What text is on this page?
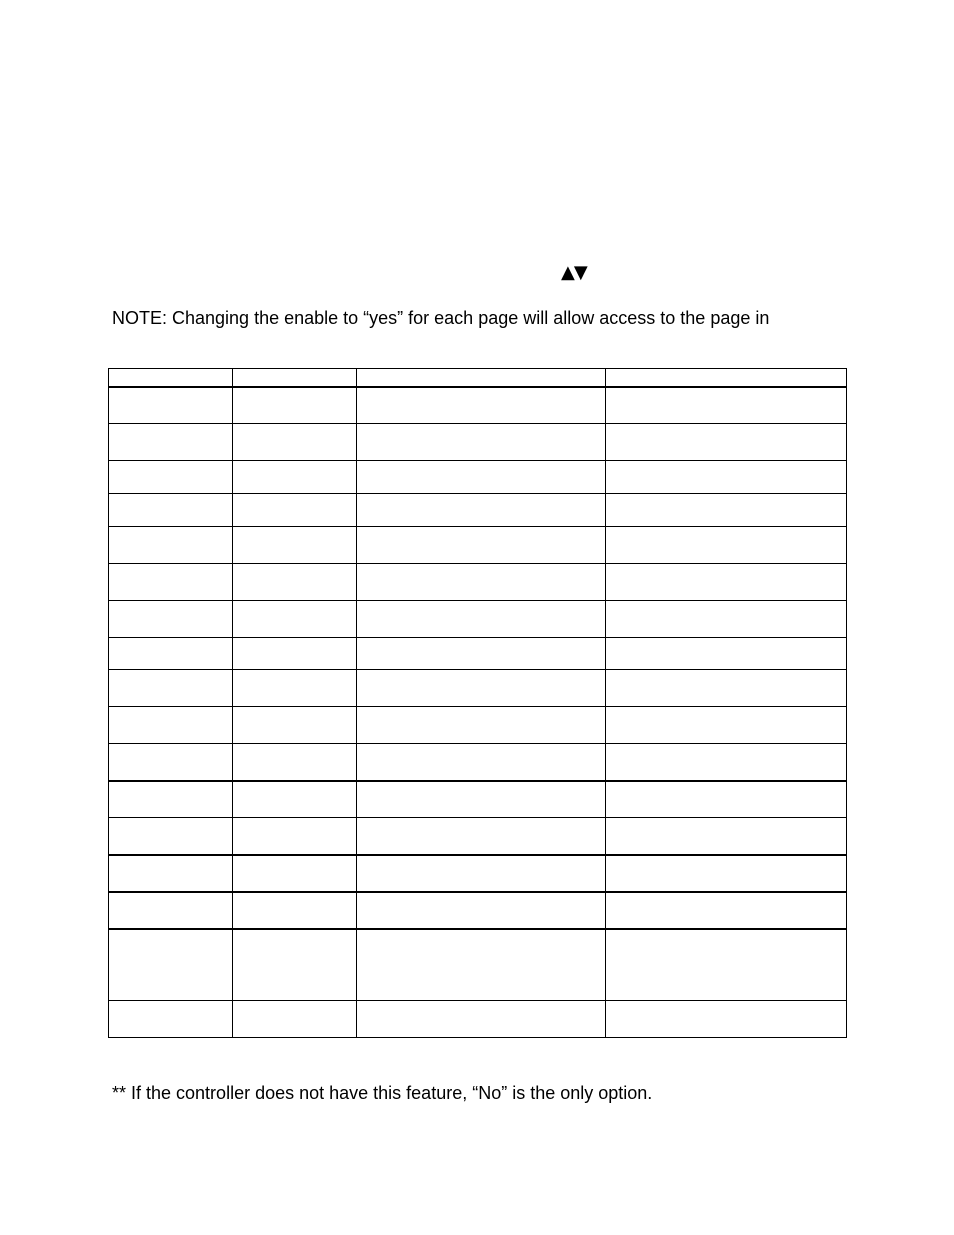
▲▼
NOTE: Changing the enable to “yes” for each page will allow access to the page in

** If the controller does not have this feature, “No” is the only option.
